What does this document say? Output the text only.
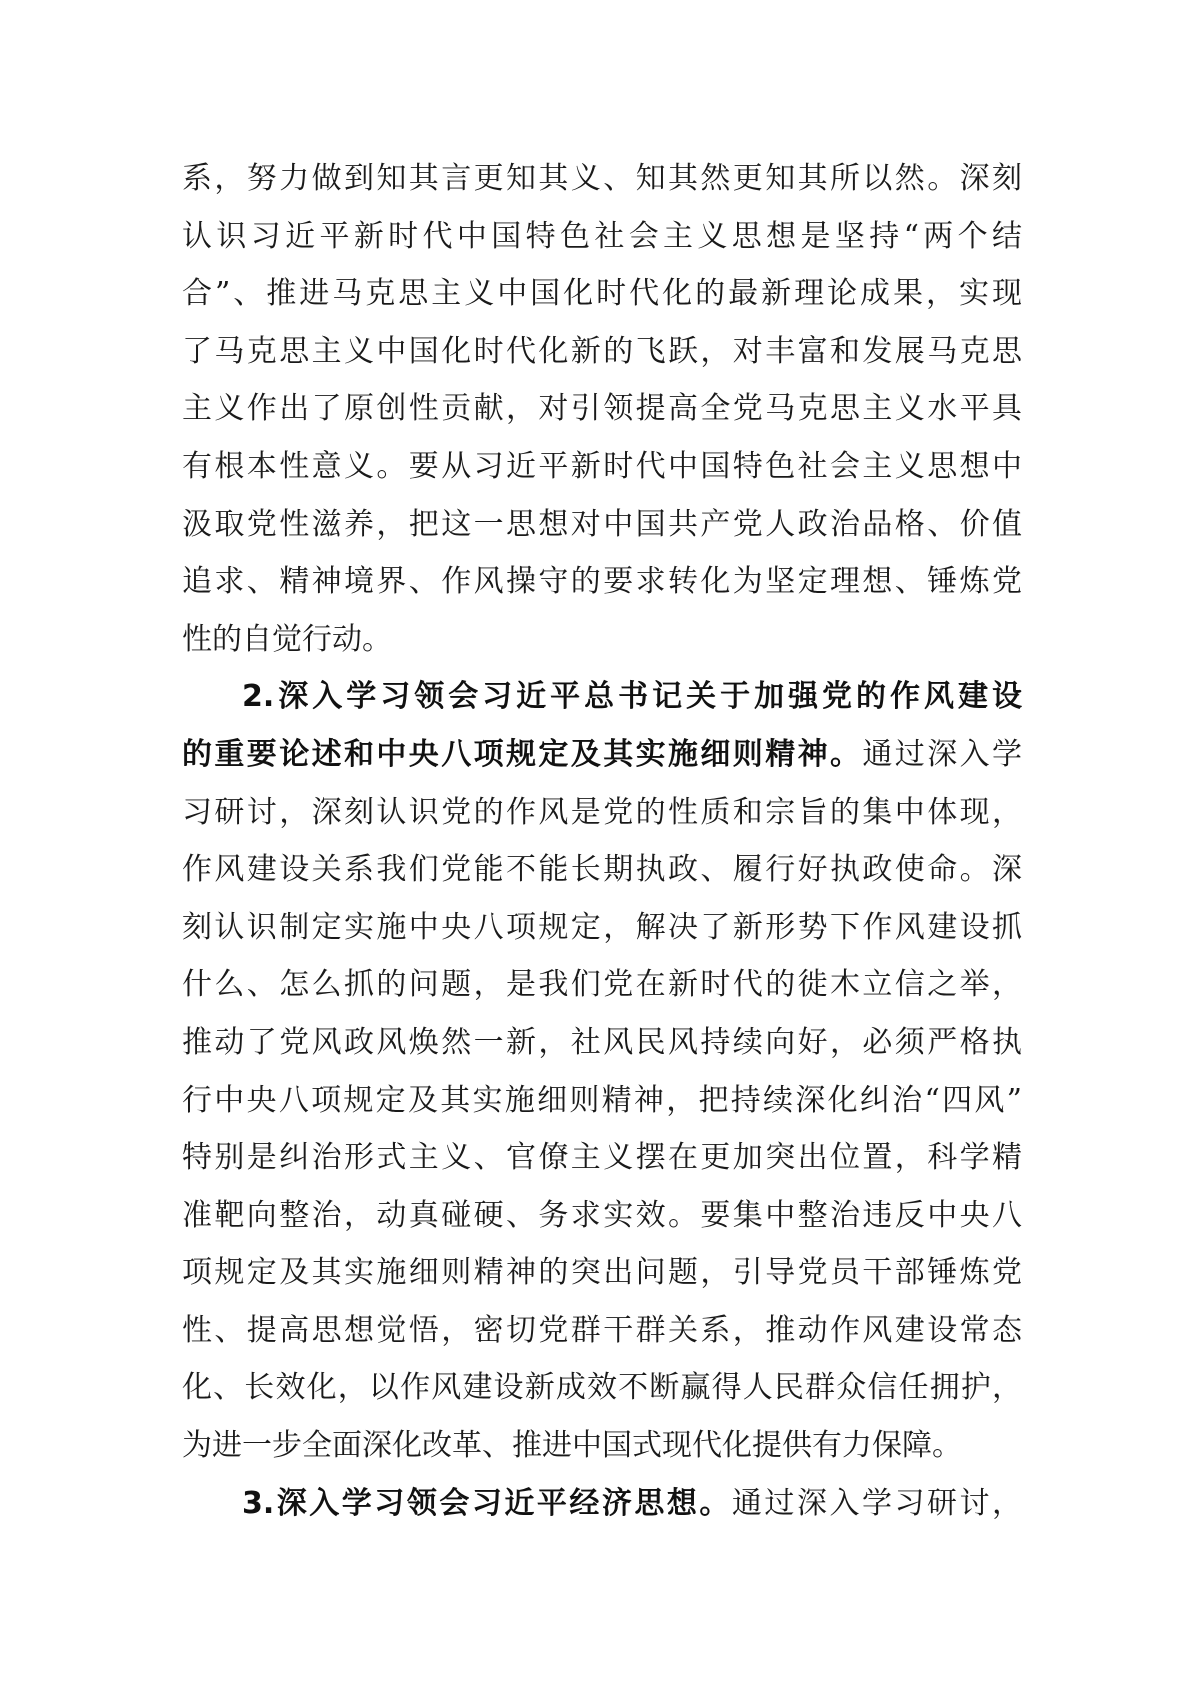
系，努力做到知其言更知其义、知其然更知其所以然。深刻
认识习近平新时代中国特色社会主义思想是坚持“两个结
合”、推进马克思主义中国化时代化的最新理论成果，实现
了马克思主义中国化时代化新的飞跃，对丰富和发展马克思
主义作出了原创性贡献，对引领提高全党马克思主义水平具
有根本性意义。要从习近平新时代中国特色社会主义思想中
汲取党性滋养，把这一思想对中国共产党人政治品格、价值
追求、精神境界、作风操守的要求转化为坚定理想、锤炼党
性的自觉行动。
2.深入学习领会习近平总书记关于加强党的作风建设
的重要论述和中央八项规定及其实施细则精神。通过深入学
习研讨，深刻认识党的作风是党的性质和宗旨的集中体现，
作风建设关系我们党能不能长期执政、履行好执政使命。深
刻认识制定实施中央八项规定，解决了新形势下作风建设抓
什么、怎么抓的问题，是我们党在新时代的徙木立信之举，
推动了党风政风焕然一新，社风民风持续向好，必须严格执
行中央八项规定及其实施细则精神，把持续深化纠治“四风”
特别是纠治形式主义、官僚主义摆在更加突出位置，科学精
准靶向整治，动真碰硬、务求实效。要集中整治违反中央八
项规定及其实施细则精神的突出问题，引导党员干部锤炼党
性、提高思想觉悟，密切党群干群关系，推动作风建设常态
化、长效化，以作风建设新成效不断赢得人民群众信任拥护，
为进一步全面深化改革、推进中国式现代化提供有力保障。
3.深入学习领会习近平经济思想。通过深入学习研讨，
